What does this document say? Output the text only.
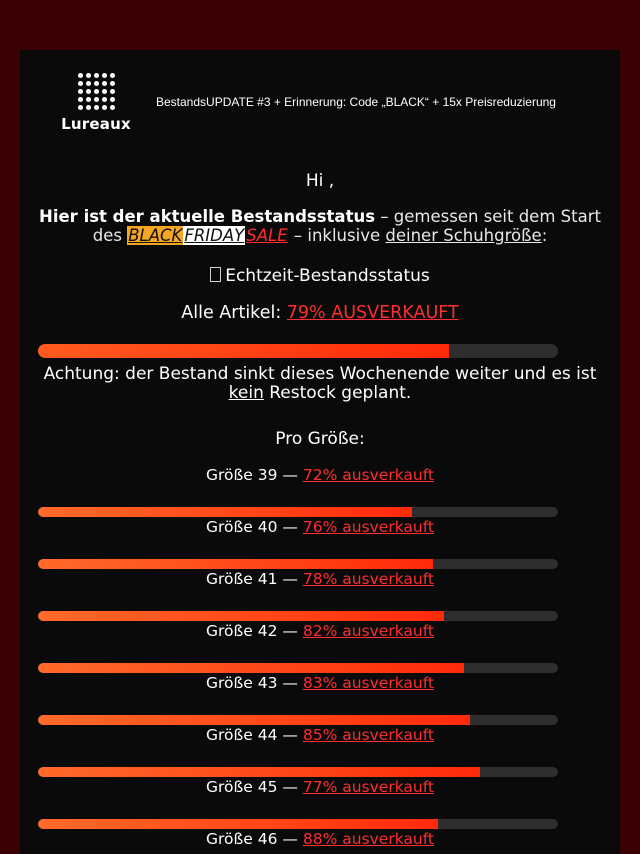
Lureaux
BestandsUPDATE #3 + Erinnerung: Code „BLACK“ + 15x Preisreduzierung
Hi ,
Hier ist der aktuelle Bestandsstatus – gemessen seit dem Start des BLACK FRIDAY SALE – inklusive deiner Schuhgröße:
Echtzeit-Bestandsstatus
Alle Artikel: 79% AUSVERKAUFT
Achtung: der Bestand sinkt dieses Wochenende weiter und es ist kein Restock geplant.
Pro Größe:
Größe 39 — 72% ausverkauft
Größe 40 — 76% ausverkauft
Größe 41 — 78% ausverkauft
Größe 42 — 82% ausverkauft
Größe 43 — 83% ausverkauft
Größe 44 — 85% ausverkauft
Größe 45 — 77% ausverkauft
Größe 46 — 88% ausverkauft
